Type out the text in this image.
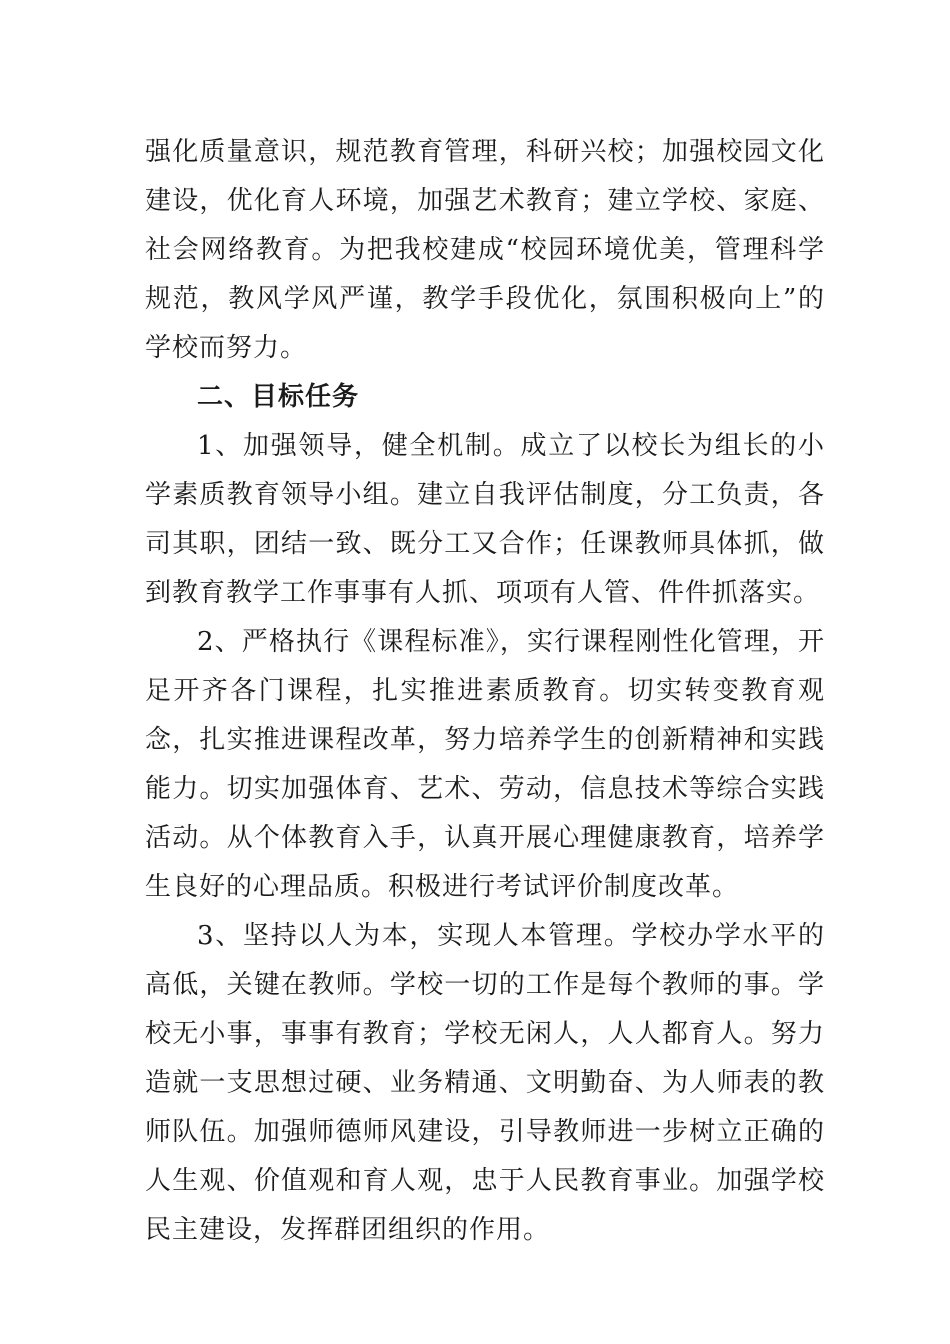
强化质量意识，规范教育管理，科研兴校；加强校园文化建设，优化育人环境，加强艺术教育；建立学校、家庭、社会网络教育。为把我校建成“校园环境优美，管理科学规范，教风学风严谨，教学手段优化，氛围积极向上”的学校而努力。

二、目标任务

1、加强领导，健全机制。成立了以校长为组长的小学素质教育领导小组。建立自我评估制度，分工负责，各司其职，团结一致、既分工又合作；任课教师具体抓，做到教育教学工作事事有人抓、项项有人管、件件抓落实。

2、严格执行《课程标准》，实行课程刚性化管理，开足开齐各门课程，扎实推进素质教育。切实转变教育观念，扎实推进课程改革，努力培养学生的创新精神和实践能力。切实加强体育、艺术、劳动，信息技术等综合实践活动。从个体教育入手，认真开展心理健康教育，培养学生良好的心理品质。积极进行考试评价制度改革。

3、坚持以人为本，实现人本管理。学校办学水平的高低，关键在教师。学校一切的工作是每个教师的事。学校无小事，事事有教育；学校无闲人，人人都育人。努力造就一支思想过硬、业务精通、文明勤奋、为人师表的教师队伍。加强师德师风建设，引导教师进一步树立正确的人生观、价值观和育人观，忠于人民教育事业。加强学校民主建设，发挥群团组织的作用。
